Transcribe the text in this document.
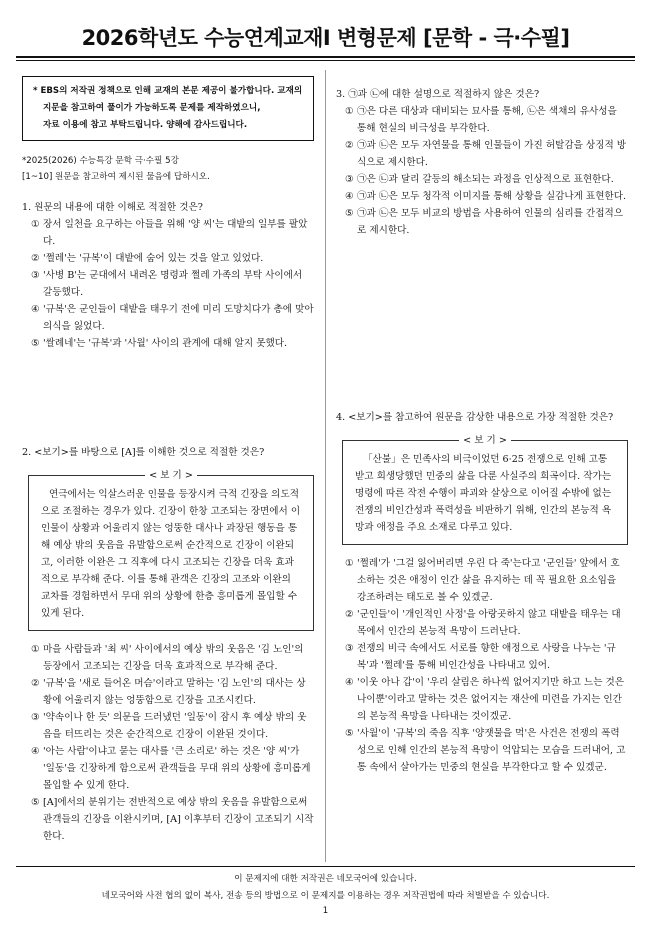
2026학년도 수능연계교재Ⅰ 변형문제 [문학 - 극·수필]
* EBS의 저작권 정책으로 인해 교재의 본문 제공이 불가합니다. 교재의
지문을 참고하여 풀이가 가능하도록 문제를 제작하였으니,
자료 이용에 참고 부탁드립니다. 양해에 감사드립니다.
*2025(2026) 수능특강 문학 극·수필 5강
[1~10] 원문을 참고하여 제시된 물음에 답하시오.

1. 원문의 내용에 대한 이해로 적절한 것은?

① 장서 일천을 요구하는 아들을 위해 '양 씨'는 대밭의 일부를 팔았다.
② '쩔레'는 '규복'이 대밭에 숨어 있는 것을 알고 있었다.
③ '사병 B'는 군대에서 내려온 명령과 쩔레 가족의 부탁 사이에서 갈등했다.
④ '규복'은 군인들이 대밭을 태우기 전에 미리 도망치다가 총에 맞아 의식을 잃었다.
⑤ '쌀례네'는 '규복'과 '사월' 사이의 관계에 대해 알지 못했다.

2. <보기>를 바탕으로 [A]를 이해한 것으로 적절한 것은?

< 보 기 >

연극에서는 익살스러운 인물을 등장시켜 극적 긴장을 의도적으로 조절하는 경우가 있다. 긴장이 한창 고조되는 장면에서 이 인물이 상황과 어울리지 않는 엉뚱한 대사나 과장된 행동을 통해 예상 밖의 웃음을 유발함으로써 순간적으로 긴장이 이완되고, 이러한 이완은 그 직후에 다시 고조되는 긴장을 더욱 효과적으로 부각해 준다. 이를 통해 관객은 긴장의 고조와 이완의 교차를 경험하면서 무대 위의 상황에 한층 흥미롭게 몰입할 수 있게 된다.

① 마을 사람들과 '최 씨' 사이에서의 예상 밖의 웃음은 '김 노인'의 등장에서 고조되는 긴장을 더욱 효과적으로 부각해 준다.
② '규복'을 '새로 들어온 머슴'이라고 말하는 '김 노인'의 대사는 상황에 어울리지 않는 엉뚱함으로 긴장을 고조시킨다.
③ '약속이나 한 듯' 의문을 드러냈던 '일동'이 잠시 후 예상 밖의 웃음을 터뜨리는 것은 순간적으로 긴장이 이완된 것이다.
④ '아는 사람'이냐고 묻는 대사를 '큰 소리로' 하는 것은 '양 씨'가 '일동'을 긴장하게 함으로써 관객들을 무대 위의 상황에 흥미롭게 몰입할 수 있게 한다.
⑤ [A]에서의 분위기는 전반적으로 예상 밖의 웃음을 유발함으로써 관객들의 긴장을 이완시키며, [A] 이후부터 긴장이 고조되기 시작한다.

3. ㉠과 ㉡에 대한 설명으로 적절하지 않은 것은?

① ㉠은 다른 대상과 대비되는 묘사를 통해, ㉡은 색채의 유사성을 통해 현실의 비극성을 부각한다.
② ㉠과 ㉡은 모두 자연물을 통해 인물들이 가진 허탈감을 상징적 방식으로 제시한다.
③ ㉠은 ㉡과 달리 갈등의 해소되는 과정을 인상적으로 표현한다.
④ ㉠과 ㉡은 모두 청각적 이미지를 통해 상황을 실감나게 표현한다.
⑤ ㉠과 ㉡은 모두 비교의 방법을 사용하여 인물의 심리를 간접적으로 제시한다.

4. <보기>를 참고하여 원문을 감상한 내용으로 가장 적절한 것은?

< 보 기 >

「산불」은 민족사의 비극이었던 6·25 전쟁으로 인해 고통받고 희생당했던 민중의 삶을 다룬 사실주의 희곡이다. 작가는 명령에 따른 작전 수행이 파괴와 살상으로 이어질 수밖에 없는 전쟁의 비인간성과 폭력성을 비판하기 위해, 인간의 본능적 욕망과 애정을 주요 소재로 다루고 있다.

① '쩔레'가 '그걸 잃어버리면 우린 다 죽'는다고 '군인들' 앞에서 호소하는 것은 애정이 인간 삶을 유지하는 데 꼭 필요한 요소임을 강조하려는 태도로 볼 수 있겠군.
② '군인들'이 '개인적인 사정'을 아랑곳하지 않고 대밭을 태우는 대목에서 인간의 본능적 욕망이 드러난다.
③ 전쟁의 비극 속에서도 서로를 향한 애정으로 사랑을 나누는 '규복'과 '쩔레'를 통해 비인간성을 나타내고 있어.
④ '이웃 아나 갑'이 '우리 살림은 하나씩 없어지기만 하고 느는 것은 나이뿐'이라고 말하는 것은 없어지는 재산에 미련을 가지는 인간의 본능적 욕망을 나타내는 것이겠군.
⑤ '사월'이 '규복'의 죽음 직후 '양잿물을 먹'은 사건은 전쟁의 폭력성으로 인해 인간의 본능적 욕망이 억압되는 모습을 드러내어, 고통 속에서 살아가는 민중의 현실을 부각한다고 할 수 있겠군.
이 문제지에 대한 저작권은 네모국어에 있습니다.
네모국어와 사전 협의 없이 복사, 전송 등의 방법으로 이 문제지를 이용하는 경우 저작권법에 따라 처벌받을 수 있습니다.
1
